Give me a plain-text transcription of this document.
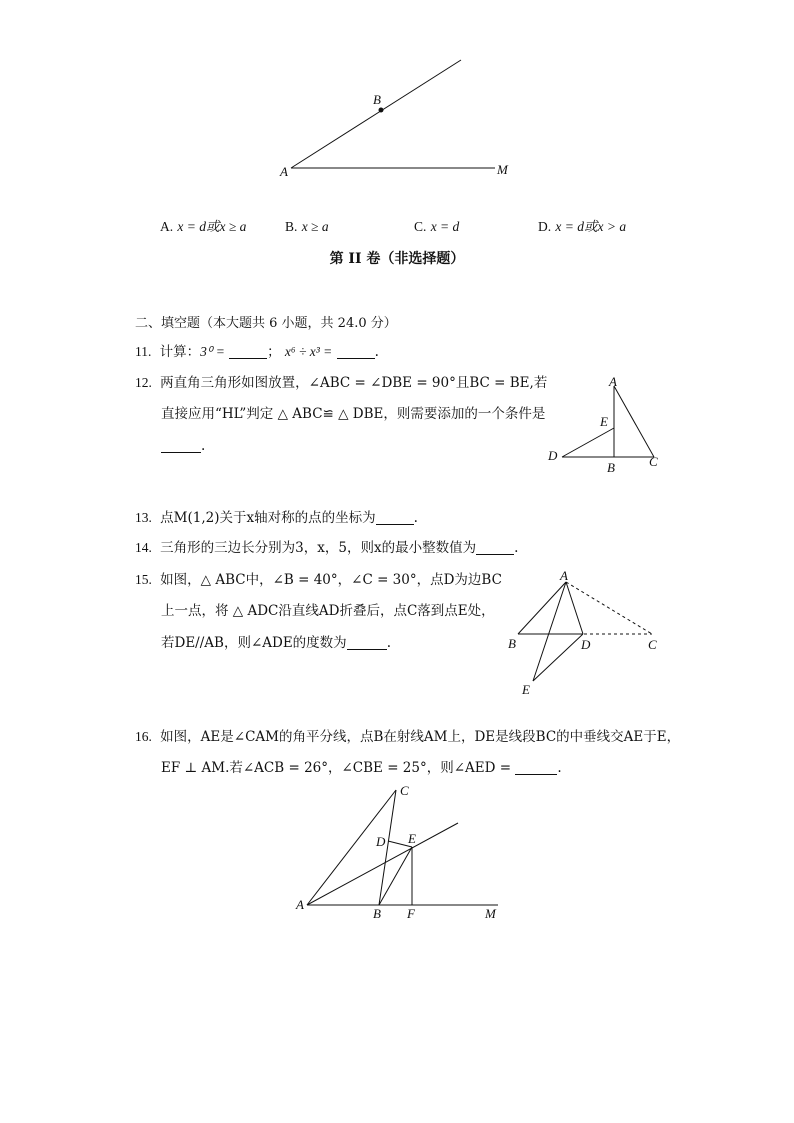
B
A	M
A. x = d或x ≥ a	B. x ≥ a	C. x = d	D. x = d或x > a
第 II 卷（非选择题）
二、填空题（本大题共 6 小题，共 24.0 分）
11. 计算：3⁰ =	； x⁶ ÷ x³ =	.
12. 两直角三角形如图放置，∠ABC = ∠DBE = 90°且BC = BE,若
直接应用“HL”判定 △ ABC≌ △ DBE，则需要添加的一个条件是
.
A
E
D
B	C
13. 点M(1,2)关于x轴对称的点的坐标为	.
14. 三角形的三边长分别为3，x，5，则x的最小整数值为	.
15. 如图，△ ABC中，∠B = 40°，∠C = 30°，点D为边BC
上一点，将 △ ADC沿直线AD折叠后，点C落到点E处，
若DE//AB，则∠ADE的度数为	.
A
B	D	C
E
16. 如图，AE是∠CAM的角平分线，点B在射线AM上，DE是线段BC的中垂线交AE于E，
EF ⊥ AM.若∠ACB = 26°，∠CBE = 25°，则∠AED =	.
C
D E
A
B F	M
